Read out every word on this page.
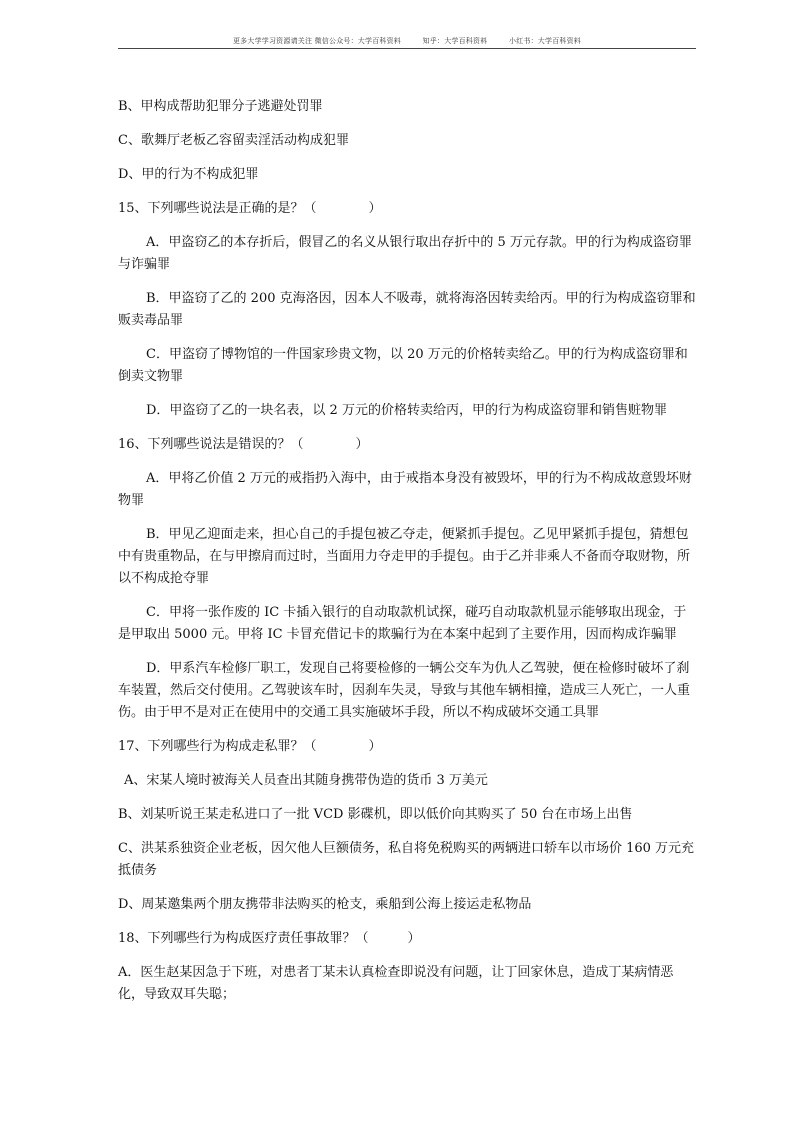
更多大学学习资源请关注 微信公众号：大学百科资料　　　知乎：大学百科资料　　　小红书：大学百科资料

B、甲构成帮助犯罪分子逃避处罚罪

C、歌舞厅老板乙容留卖淫活动构成犯罪

D、甲的行为不构成犯罪

15、下列哪些说法是正确的是？（　　　　）

A．甲盗窃乙的本存折后，假冒乙的名义从银行取出存折中的 5 万元存款。甲的行为构成盗窃罪与诈骗罪

B．甲盗窃了乙的 200 克海洛因，因本人不吸毒，就将海洛因转卖给丙。甲的行为构成盗窃罪和贩卖毒品罪

C．甲盗窃了博物馆的一件国家珍贵文物，以 20 万元的价格转卖给乙。甲的行为构成盗窃罪和倒卖文物罪

D．甲盗窃了乙的一块名表，以 2 万元的价格转卖给丙，甲的行为构成盗窃罪和销售赃物罪

16、下列哪些说法是错误的？（　　　　）

A．甲将乙价值 2 万元的戒指扔入海中，由于戒指本身没有被毁坏，甲的行为不构成故意毁坏财物罪

B．甲见乙迎面走来，担心自己的手提包被乙夺走，便紧抓手提包。乙见甲紧抓手提包，猜想包中有贵重物品，在与甲擦肩而过时，当面用力夺走甲的手提包。由于乙并非乘人不备而夺取财物，所以不构成抢夺罪

C．甲将一张作废的 IC 卡插入银行的自动取款机试探，碰巧自动取款机显示能够取出现金，于是甲取出 5000 元。甲将 IC 卡冒充借记卡的欺骗行为在本案中起到了主要作用，因而构成诈骗罪

D．甲系汽车检修厂职工，发现自己将要检修的一辆公交车为仇人乙驾驶，便在检修时破坏了刹车装置，然后交付使用。乙驾驶该车时，因刹车失灵，导致与其他车辆相撞，造成三人死亡，一人重伤。由于甲不是对正在使用中的交通工具实施破坏手段，所以不构成破坏交通工具罪

17、下列哪些行为构成走私罪？（　　　　）

A、宋某人境时被海关人员查出其随身携带伪造的货币 3 万美元

B、刘某听说王某走私进口了一批 VCD 影碟机，即以低价向其购买了 50 台在市场上出售

C、洪某系独资企业老板，因欠他人巨额债务，私自将免税购买的两辆进口轿车以市场价 160 万元充抵债务

D、周某邀集两个朋友携带非法购买的枪支，乘船到公海上接运走私物品

18、下列哪些行为构成医疗责任事故罪？（　　　）

A．医生赵某因急于下班，对患者丁某未认真检查即说没有问题，让丁回家休息，造成丁某病情恶化，导致双耳失聪；
